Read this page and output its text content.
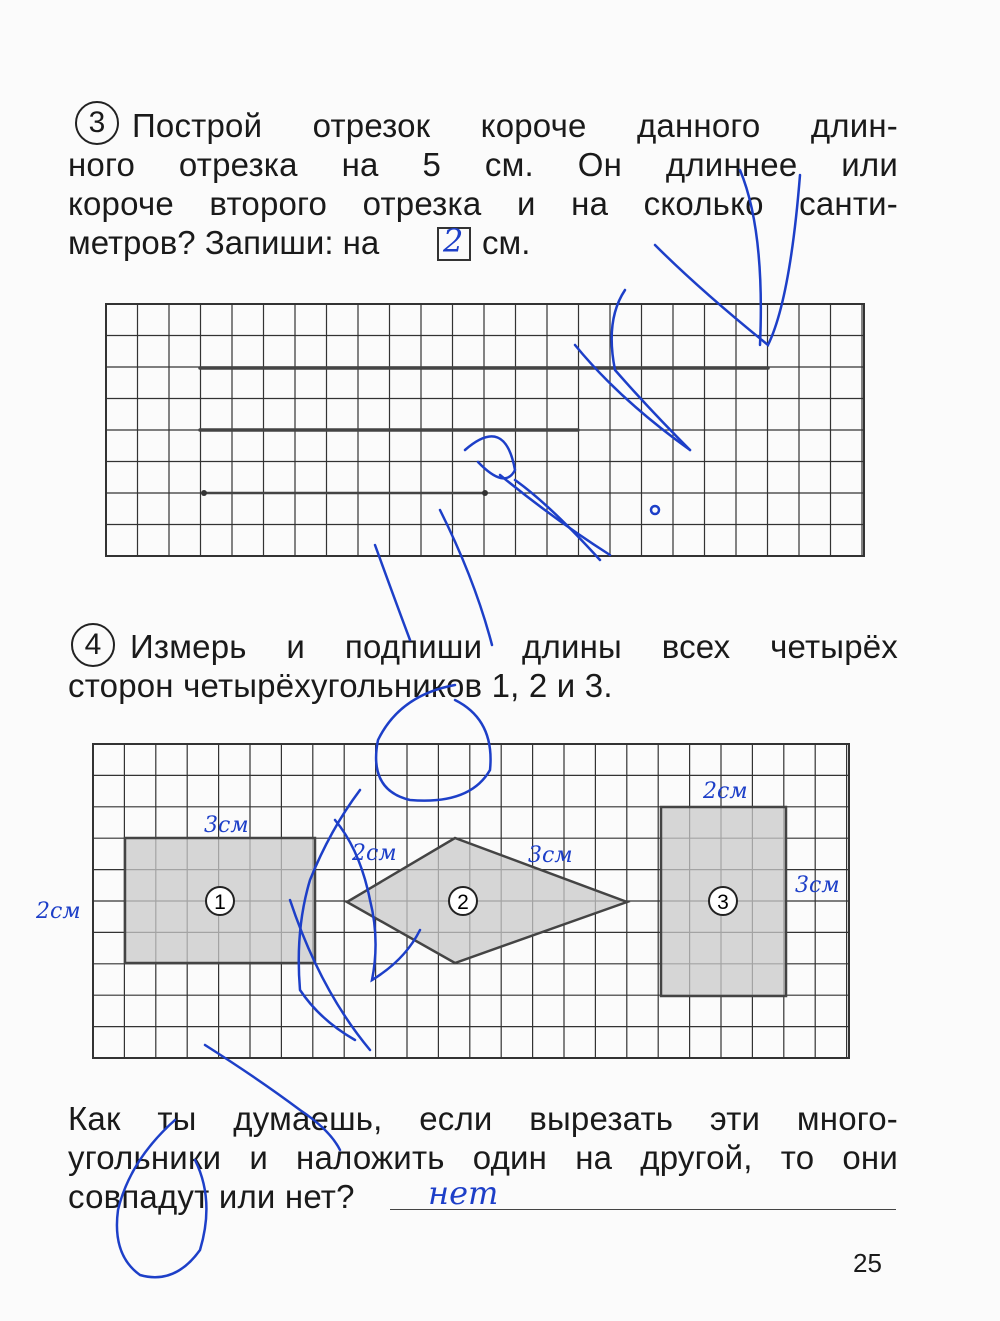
3 Построй отрезок короче данного длин-
ного отрезка на 5 см. Он длиннее или
короче второго отрезка и на сколько санти-
метров? Запиши: на 2 см.
4 Измерь и подпиши длины всех четырёх
сторон четырёхугольников 1, 2 и 3.
Как ты думаешь, если вырезать эти много-
угольники и наложить один на другой, то они
совпадут или нет?	нет
25
1	2	3
3см
2см
2см	3см
2см
3см
